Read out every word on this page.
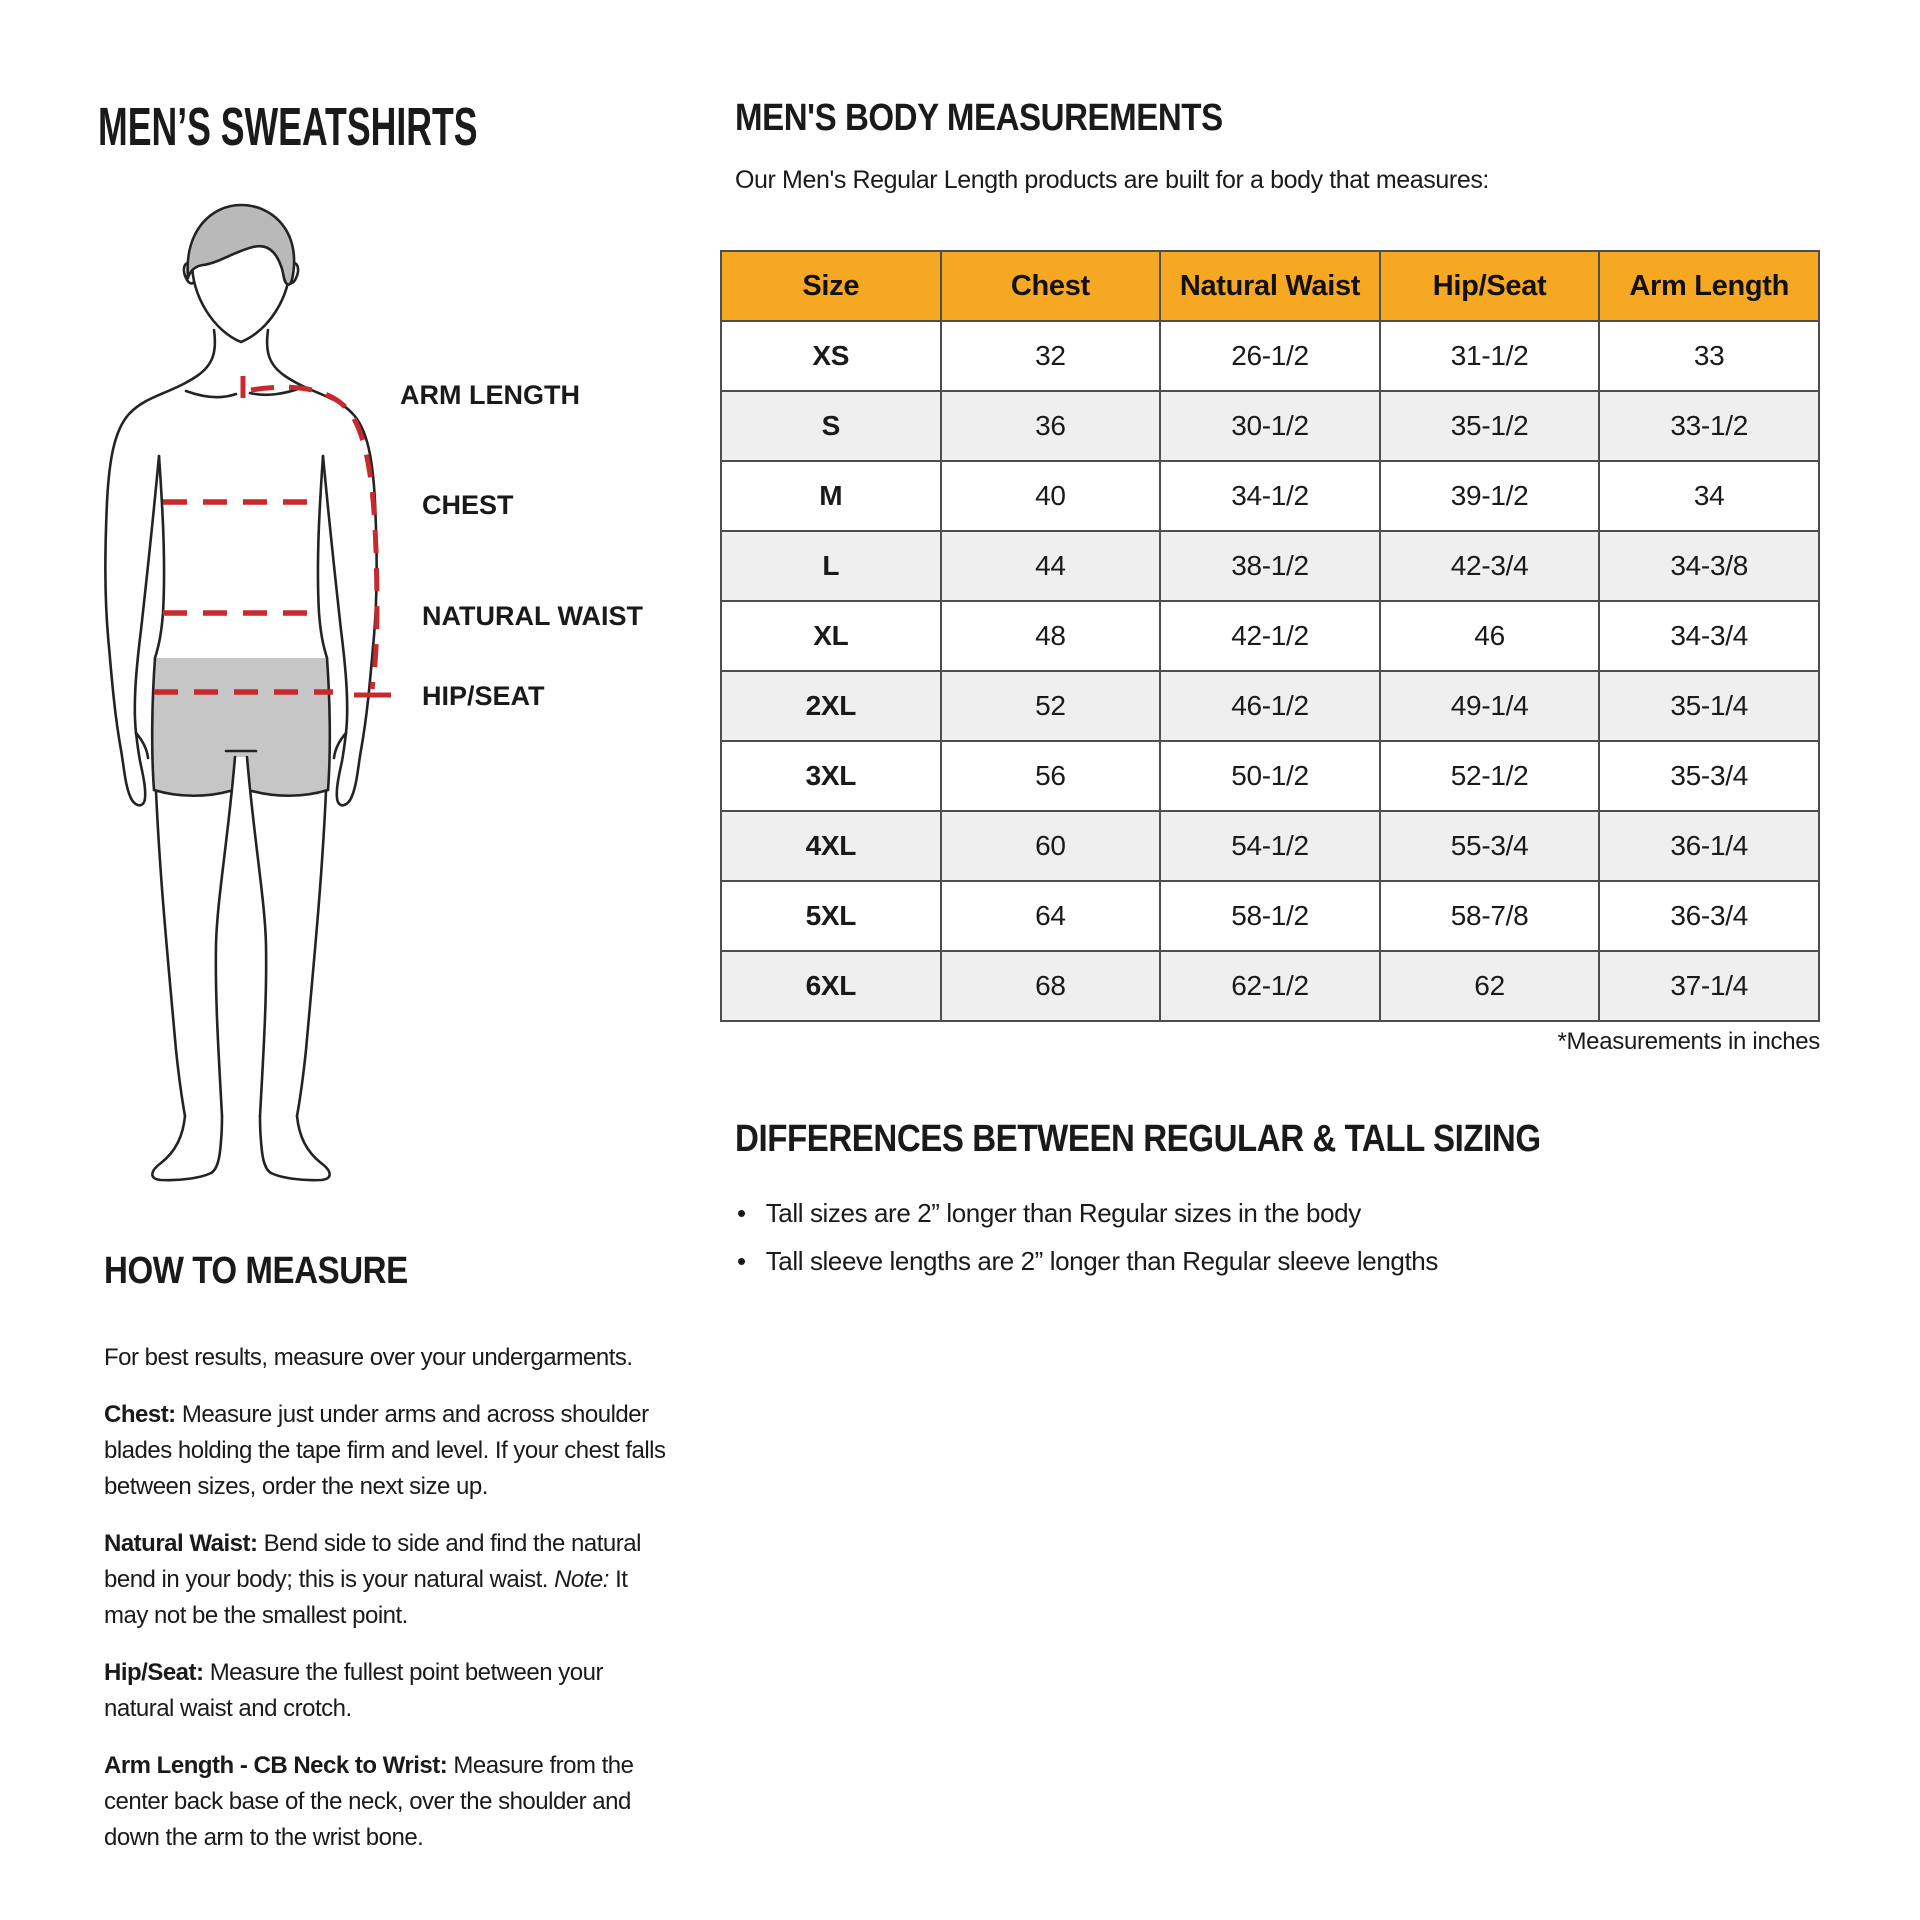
MEN’S SWEATSHIRTS
ARM LENGTH
CHEST
NATURAL WAIST
HIP/SEAT
MEN'S BODY MEASUREMENTS

Our Men's Regular Length products are built for a body that measures:

Size	Chest	Natural Waist	Hip/Seat	Arm Length
XS	32	26-1/2	31-1/2	33
S	36	30-1/2	35-1/2	33-1/2
M	40	34-1/2	39-1/2	34
L	44	38-1/2	42-3/4	34-3/8
XL	48	42-1/2	46	34-3/4
2XL	52	46-1/2	49-1/4	35-1/4
3XL	56	50-1/2	52-1/2	35-3/4
4XL	60	54-1/2	55-3/4	36-1/4
5XL	64	58-1/2	58-7/8	36-3/4
6XL	68	62-1/2	62	37-1/4
*Measurements in inches
DIFFERENCES BETWEEN REGULAR & TALL SIZING
• Tall sizes are 2” longer than Regular sizes in the body
• Tall sleeve lengths are 2” longer than Regular sleeve lengths
HOW TO MEASURE

For best results, measure over your undergarments.

Chest: Measure just under arms and across shoulder blades holding the tape firm and level. If your chest falls between sizes, order the next size up.

Natural Waist: Bend side to side and find the natural bend in your body; this is your natural waist. Note: It may not be the smallest point.

Hip/Seat: Measure the fullest point between your natural waist and crotch.

Arm Length - CB Neck to Wrist: Measure from the center back base of the neck, over the shoulder and down the arm to the wrist bone.
